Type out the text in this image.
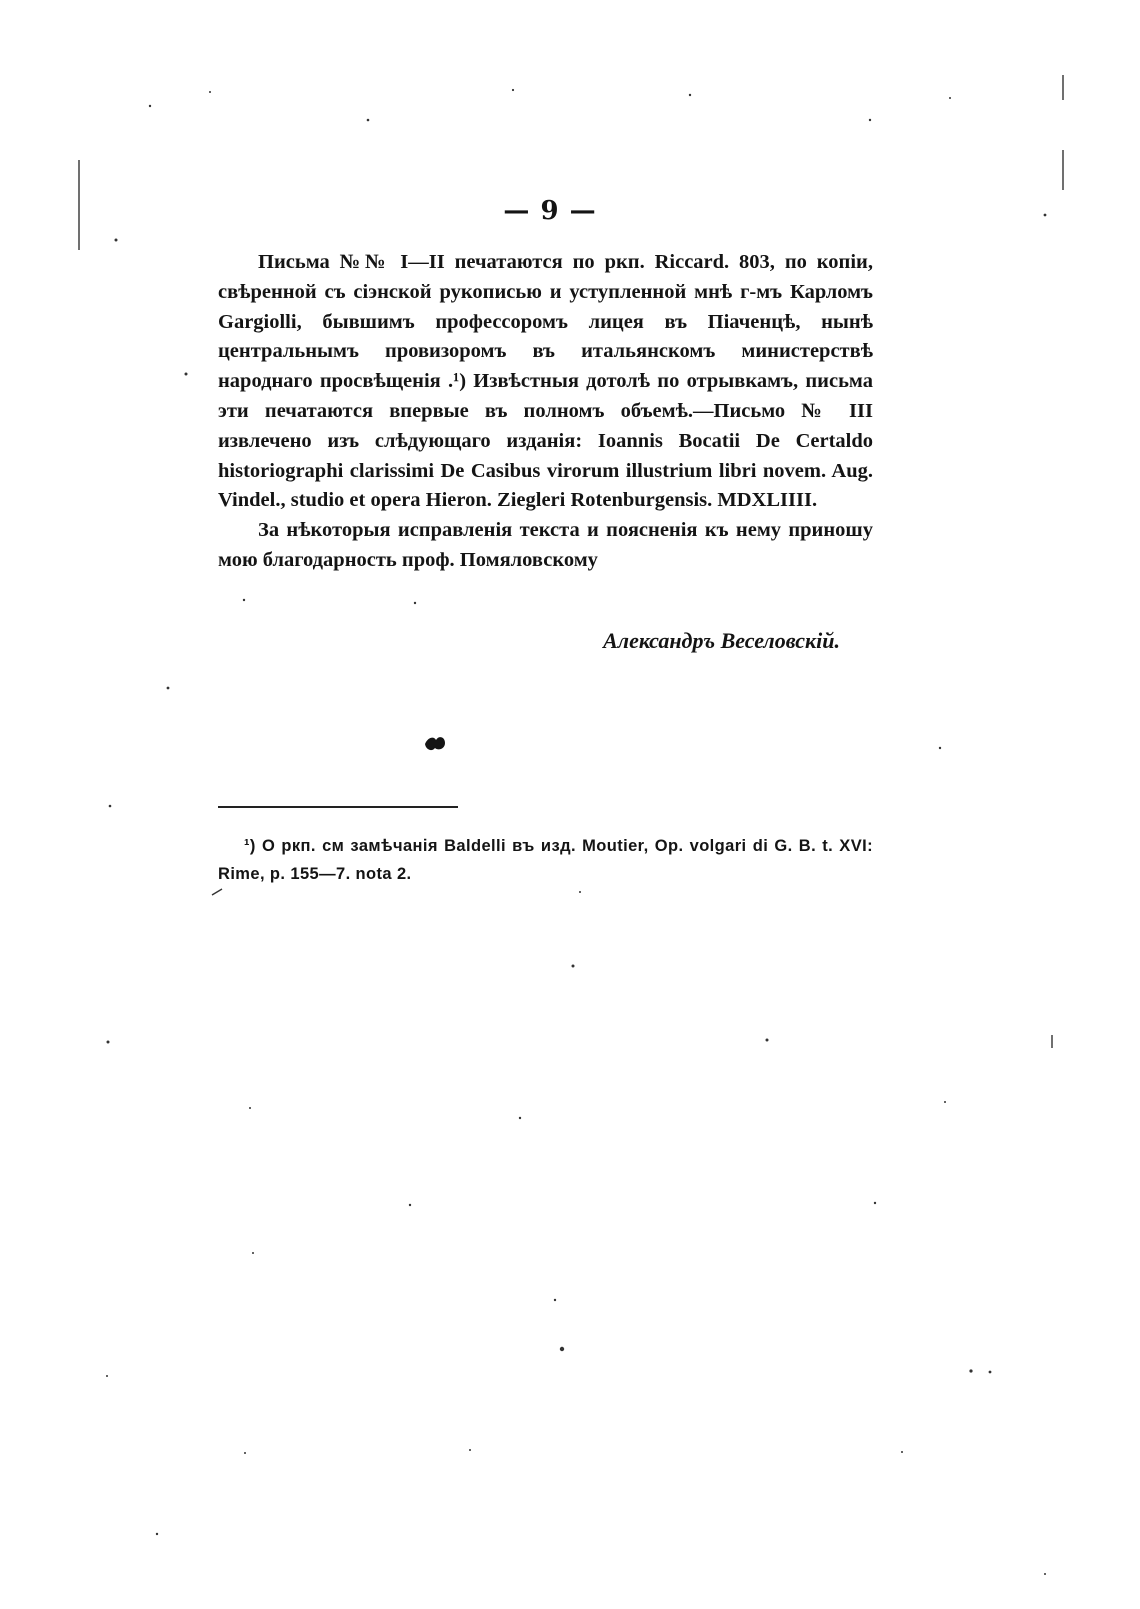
— 9 —

Письма №№ I—II печатаются по ркп. Riccard. 803, по копіи, свѣренной съ сіэнской рукописью и уступленной мнѣ г-мъ Карломъ Gargiolli, бывшимъ профессоромъ лицея въ Піаченцѣ, нынѣ центральнымъ провизоромъ въ итальянскомъ министерствѣ народнаго просвѣщенія .¹) Извѣстныя дотолѣ по отрывкамъ, письма эти печатаются впервые въ полномъ объемѣ.—Письмо № III извлечено изъ слѣдующаго изданія: Ioannis Bocatii De Certaldo historiographi clarissimi De Casibus virorum illustrium libri novem. Aug. Vindel., studio et opera Hieron. Ziegleri Rotenburgensis. MDXLIIII.

За нѣкоторыя исправленія текста и поясненія къ нему приношу мою благодарность проф. Помяловскому

Александръ Веселовскій.

¹) О ркп. см замѣчанія Baldelli въ изд. Moutier, Op. volgari di G. B. t. XVI: Rime, p. 155—7. nota 2.
